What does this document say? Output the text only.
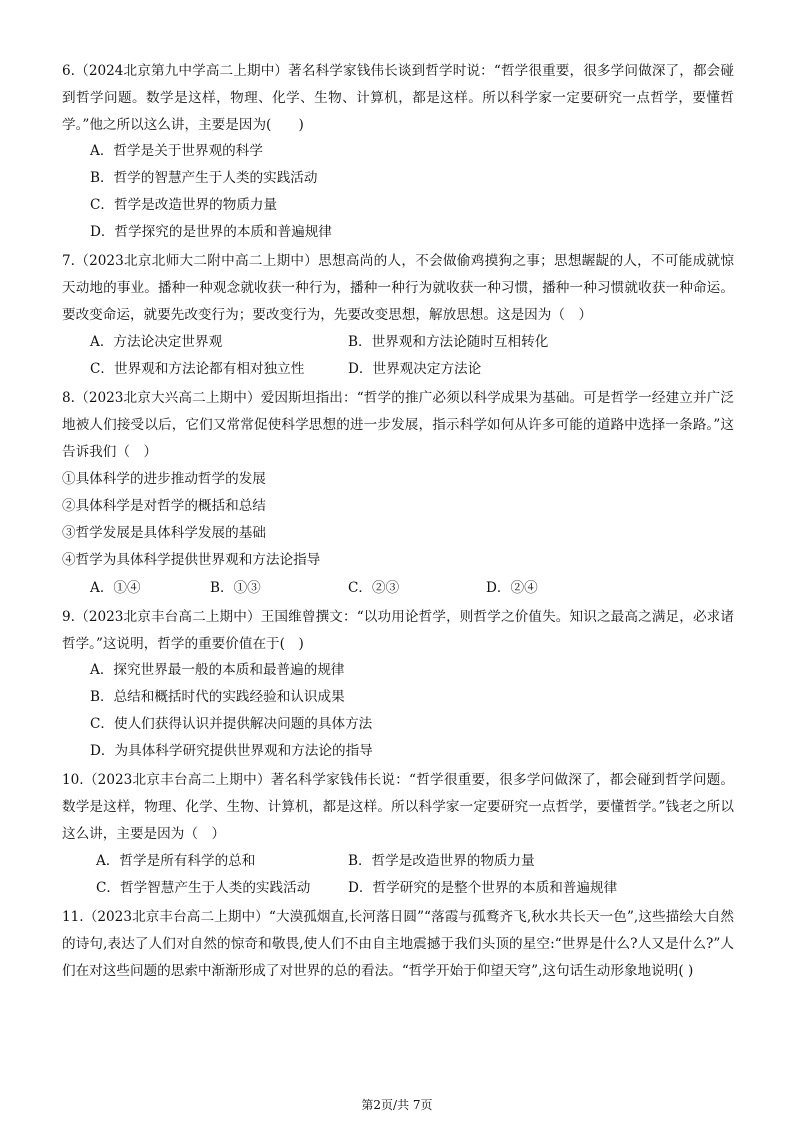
6.（2024北京第九中学高二上期中）著名科学家钱伟长谈到哲学时说：“哲学很重要，很多学问做深了，都会碰到哲学问题。数学是这样，物理、化学、生物、计算机，都是这样。所以科学家一定要研究一点哲学，要懂哲学。”他之所以这么讲，主要是因为(　　)
A．哲学是关于世界观的科学
B．哲学的智慧产生于人类的实践活动
C．哲学是改造世界的物质力量
D．哲学探究的是世界的本质和普遍规律
7.（2023北京北师大二附中高二上期中）思想高尚的人，不会做偷鸡摸狗之事；思想龌龊的人，不可能成就惊天动地的事业。播种一种观念就收获一种行为，播种一种行为就收获一种习惯，播种一种习惯就收获一种命运。要改变命运，就要先改变行为；要改变行为，先要改变思想，解放思想。这是因为（　）
A．方法论决定世界观	B．世界观和方法论随时互相转化
C．世界观和方法论都有相对独立性	D．世界观决定方法论
8.（2023北京大兴高二上期中）爱因斯坦指出：“哲学的推广必须以科学成果为基础。可是哲学一经建立并广泛地被人们接受以后，它们又常常促使科学思想的进一步发展，指示科学如何从许多可能的道路中选择一条路。”这告诉我们（　）
①具体科学的进步推动哲学的发展
②具体科学是对哲学的概括和总结
③哲学发展是具体科学发展的基础
④哲学为具体科学提供世界观和方法论指导
A．①④	B．①③	C．②③	D．②④
9.（2023北京丰台高二上期中）王国维曾撰文：“以功用论哲学，则哲学之价值失。知识之最高之满足，必求诸哲学。”这说明，哲学的重要价值在于(　)
A．探究世界最一般的本质和最普遍的规律
B．总结和概括时代的实践经验和认识成果
C．使人们获得认识并提供解决问题的具体方法
D．为具体科学研究提供世界观和方法论的指导
10.（2023北京丰台高二上期中）著名科学家钱伟长说：“哲学很重要，很多学问做深了，都会碰到哲学问题。数学是这样，物理、化学、生物、计算机，都是这样。所以科学家一定要研究一点哲学，要懂哲学。”钱老之所以这么讲，主要是因为（　）
A．哲学是所有科学的总和	B．哲学是改造世界的物质力量
C．哲学智慧产生于人类的实践活动	D．哲学研究的是整个世界的本质和普遍规律
11.（2023北京丰台高二上期中）“大漠孤烟直,长河落日圆”“落霞与孤鹜齐飞,秋水共长天一色”,这些描绘大自然的诗句,表达了人们对自然的惊奇和敬畏,使人们不由自主地震撼于我们头顶的星空:“世界是什么?人又是什么?”人们在对这些问题的思索中渐渐形成了对世界的总的看法。“哲学开始于仰望天穹”,这句话生动形象地说明( )
第2页/共 7页
